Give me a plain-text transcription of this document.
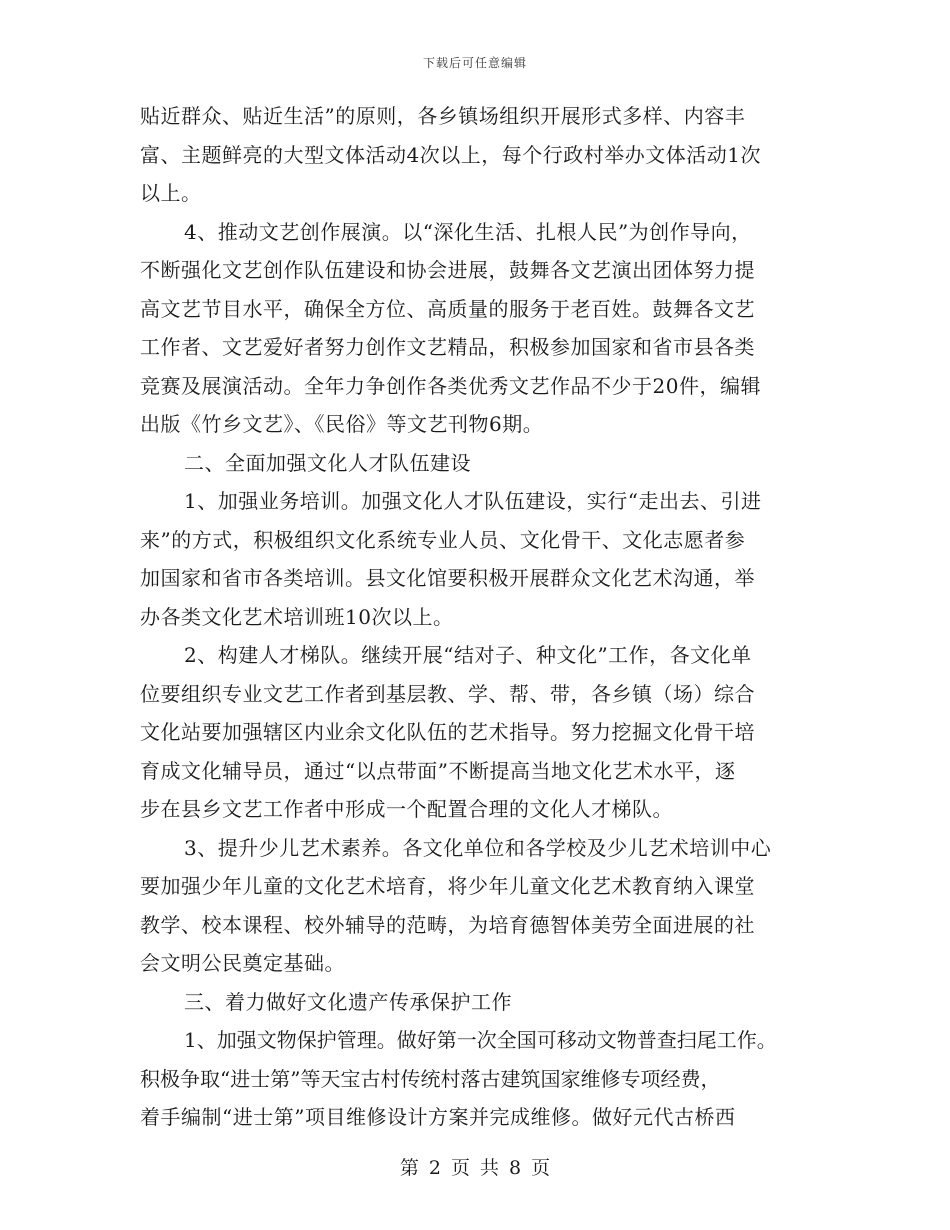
下载后可任意编辑
贴近群众、贴近生活”的原则，各乡镇场组织开展形式多样、内容丰
富、主题鲜亮的大型文体活动4次以上，每个行政村举办文体活动1次
以上。
4、推动文艺创作展演。以“深化生活、扎根人民”为创作导向，
不断强化文艺创作队伍建设和协会进展，鼓舞各文艺演出团体努力提
高文艺节目水平，确保全方位、高质量的服务于老百姓。鼓舞各文艺
工作者、文艺爱好者努力创作文艺精品，积极参加国家和省市县各类
竞赛及展演活动。全年力争创作各类优秀文艺作品不少于20件，编辑
出版《竹乡文艺》、《民俗》等文艺刊物6期。
二、全面加强文化人才队伍建设
1、加强业务培训。加强文化人才队伍建设，实行“走出去、引进
来”的方式，积极组织文化系统专业人员、文化骨干、文化志愿者参
加国家和省市各类培训。县文化馆要积极开展群众文化艺术沟通，举
办各类文化艺术培训班10次以上。
2、构建人才梯队。继续开展“结对子、种文化”工作，各文化单
位要组织专业文艺工作者到基层教、学、帮、带，各乡镇（场）综合
文化站要加强辖区内业余文化队伍的艺术指导。努力挖掘文化骨干培
育成文化辅导员，通过“以点带面”不断提高当地文化艺术水平，逐
步在县乡文艺工作者中形成一个配置合理的文化人才梯队。
3、提升少儿艺术素养。各文化单位和各学校及少儿艺术培训中心
要加强少年儿童的文化艺术培育，将少年儿童文化艺术教育纳入课堂
教学、校本课程、校外辅导的范畴，为培育德智体美劳全面进展的社
会文明公民奠定基础。
三、着力做好文化遗产传承保护工作
1、加强文物保护管理。做好第一次全国可移动文物普查扫尾工作。
积极争取“进士第”等天宝古村传统村落古建筑国家维修专项经费，
着手编制“进士第”项目维修设计方案并完成维修。做好元代古桥西
第 2 页 共 8 页
